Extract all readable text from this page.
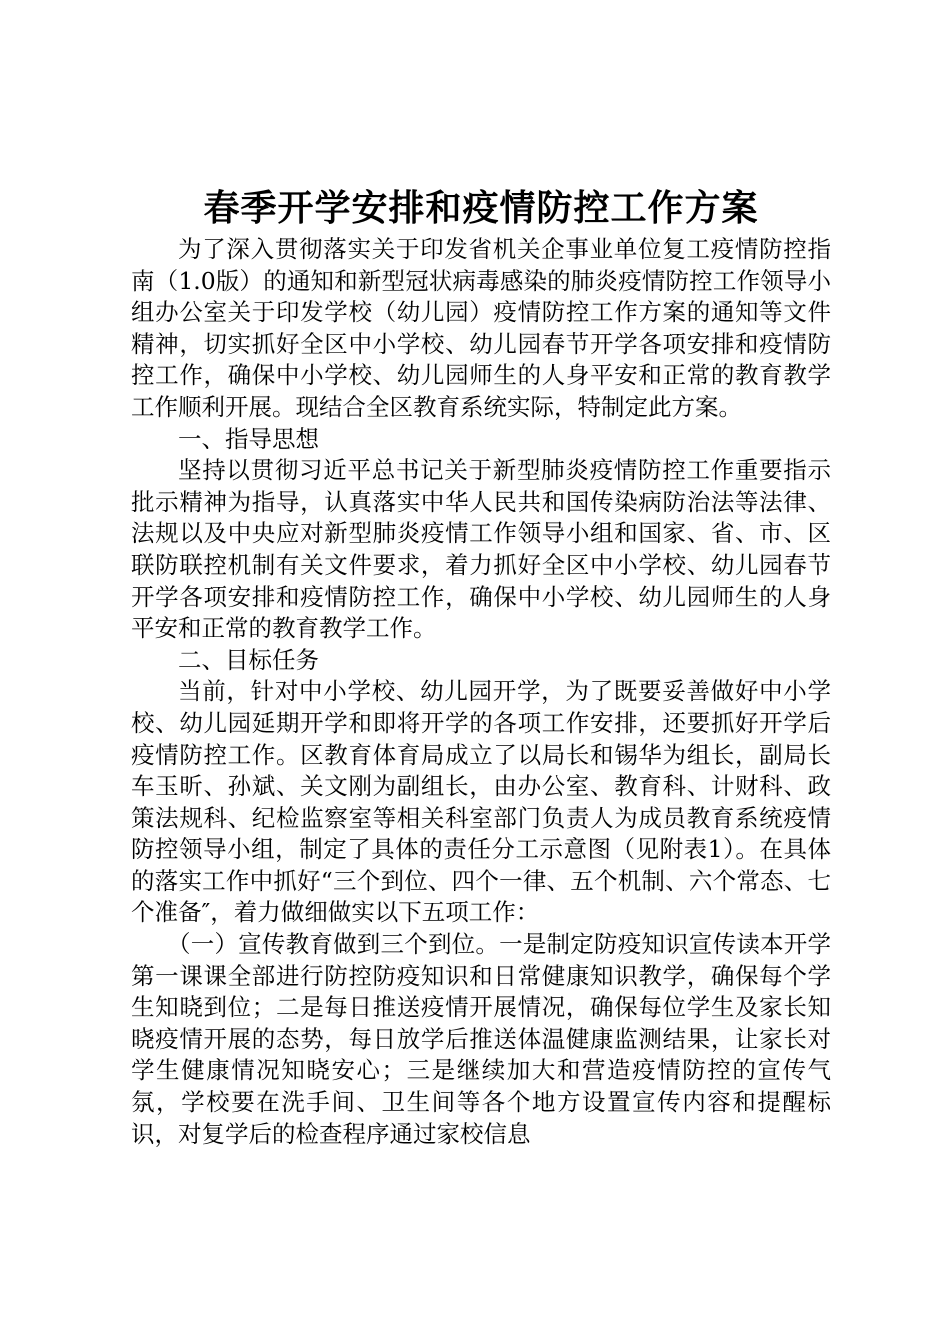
春季开学安排和疫情防控工作方案

为了深入贯彻落实关于印发省机关企事业单位复工疫情防控指南（1.0版）的通知和新型冠状病毒感染的肺炎疫情防控工作领导小组办公室关于印发学校（幼儿园）疫情防控工作方案的通知等文件精神，切实抓好全区中小学校、幼儿园春节开学各项安排和疫情防控工作，确保中小学校、幼儿园师生的人身平安和正常的教育教学工作顺利开展。现结合全区教育系统实际，特制定此方案。

一、指导思想

坚持以贯彻习近平总书记关于新型肺炎疫情防控工作重要指示批示精神为指导，认真落实中华人民共和国传染病防治法等法律、法规以及中央应对新型肺炎疫情工作领导小组和国家、省、市、区联防联控机制有关文件要求，着力抓好全区中小学校、幼儿园春节开学各项安排和疫情防控工作，确保中小学校、幼儿园师生的人身平安和正常的教育教学工作。

二、目标任务

当前，针对中小学校、幼儿园开学，为了既要妥善做好中小学校、幼儿园延期开学和即将开学的各项工作安排，还要抓好开学后疫情防控工作。区教育体育局成立了以局长和锡华为组长，副局长车玉昕、孙斌、关文刚为副组长，由办公室、教育科、计财科、政策法规科、纪检监察室等相关科室部门负责人为成员教育系统疫情防控领导小组，制定了具体的责任分工示意图（见附表1）。在具体的落实工作中抓好“三个到位、四个一律、五个机制、六个常态、七个准备″，着力做细做实以下五项工作：

（一）宣传教育做到三个到位。一是制定防疫知识宣传读本开学第一课课全部进行防控防疫知识和日常健康知识教学，确保每个学生知晓到位；二是每日推送疫情开展情况，确保每位学生及家长知晓疫情开展的态势，每日放学后推送体温健康监测结果，让家长对学生健康情况知晓安心；三是继续加大和营造疫情防控的宣传气氛，学校要在洗手间、卫生间等各个地方设置宣传内容和提醒标识，对复学后的检查程序通过家校信息
